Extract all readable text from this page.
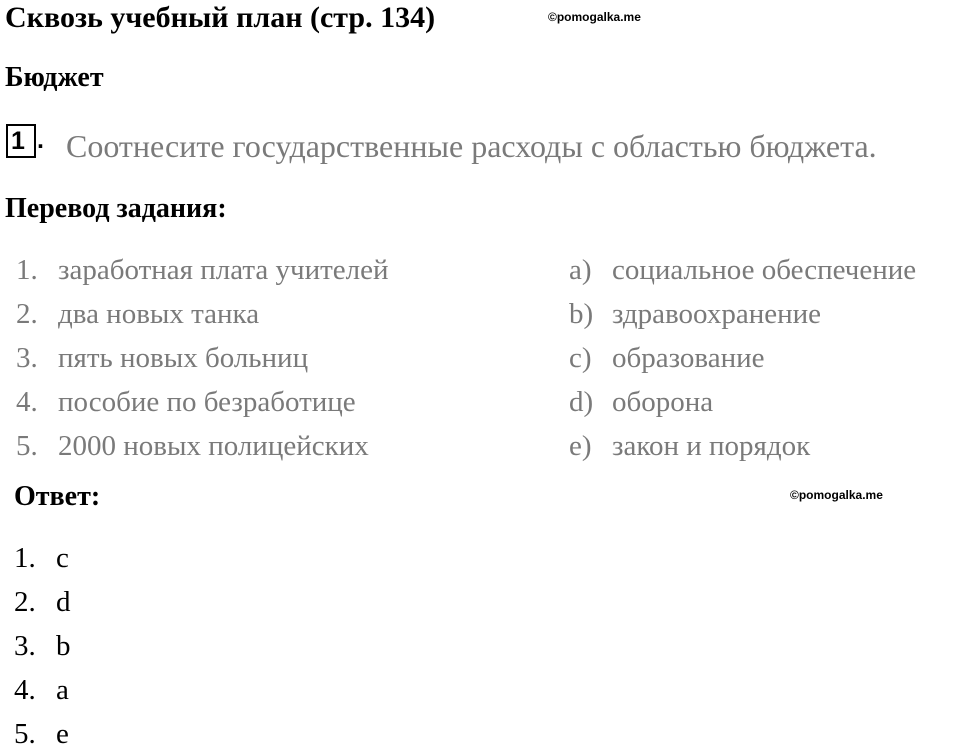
Сквозь учебный план (стр. 134)	©pomogalka.me
Бюджет
1 . Соотнесите государственные расходы с областью бюджета.
Перевод задания:
1. заработная плата учителей
2. два новых танка
3. пять новых больниц
4. пособие по безработице
5. 2000 новых полицейских
a) социальное обеспечение
b) здравоохранение
c) образование
d) оборона
e) закон и порядок
Ответ:	©pomogalka.me
1. c
2. d
3. b
4. a
5. e
